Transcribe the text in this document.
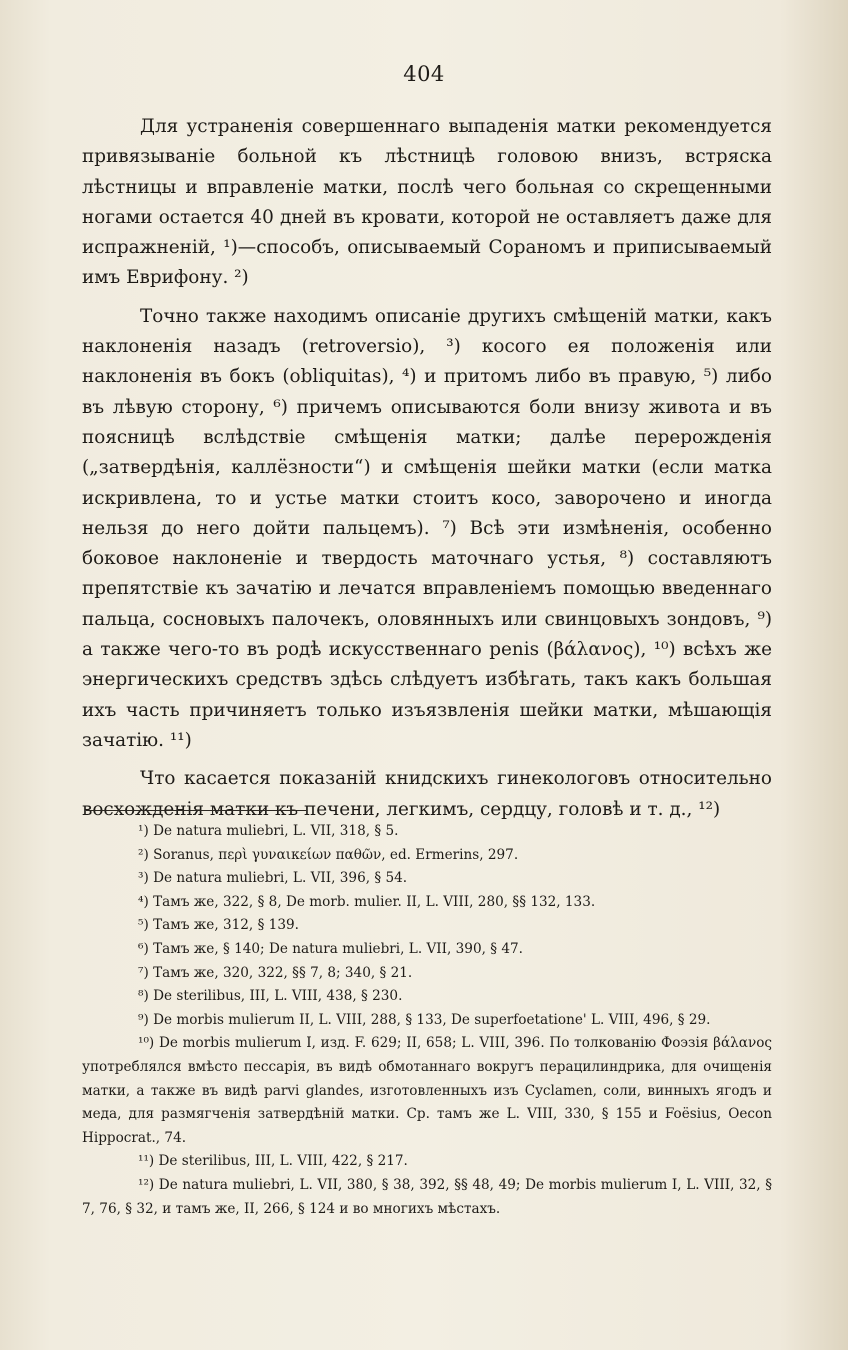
404

Для устраненія совершеннаго выпаденія матки рекомендуется привязываніе больной къ лѣстницѣ головою внизъ, встряска лѣстницы и вправленіе матки, послѣ чего больная со скрещенными ногами остается 40 дней въ кровати, которой не оставляетъ даже для испражненій, ¹)—способъ, описываемый Сораномъ и приписываемый имъ Еврифону. ²)

Точно также находимъ описаніе другихъ смѣщеній матки, какъ наклоненія назадъ (retroversio), ³) косого ея положенія или наклоненія въ бокъ (obliquitas), ⁴) и притомъ либо въ правую, ⁵) либо въ лѣвую сторону, ⁶) причемъ описываются боли внизу живота и въ поясницѣ вслѣдствіе смѣщенія матки; далѣе перерожденія („затвердѣнія, каллёзности“) и смѣщенія шейки матки (если матка искривлена, то и устье матки стоитъ косо, заворочено и иногда нельзя до него дойти пальцемъ). ⁷) Всѣ эти измѣненія, особенно боковое наклоненіе и твердость маточнаго устья, ⁸) составляютъ препятствіе къ зачатію и лечатся вправленіемъ помощью введеннаго пальца, сосновыхъ палочекъ, оловянныхъ или свинцовыхъ зондовъ, ⁹) а также чего-то въ родѣ искусственнаго penis (βάλανος), ¹⁰) всѣхъ же энергическихъ средствъ здѣсь слѣдуетъ избѣгать, такъ какъ большая ихъ часть причиняетъ только изъязвленія шейки матки, мѣшающія зачатію. ¹¹)

Что касается показаній книдскихъ гинекологовъ относительно восхожденія матки къ печени, легкимъ, сердцу, головѣ и т. д., ¹²)

¹) De natura muliebri, L. VII, 318, § 5.

²) Soranus, περὶ γυναικείων παθῶν, ed. Ermerins, 297.

³) De natura muliebri, L. VII, 396, § 54.

⁴) Тамъ же, 322, § 8, De morb. mulier. II, L. VIII, 280, §§ 132, 133.

⁵) Тамъ же, 312, § 139.

⁶) Тамъ же, § 140; De natura muliebri, L. VII, 390, § 47.

⁷) Тамъ же, 320, 322, §§ 7, 8; 340, § 21.

⁸) De sterilibus, III, L. VIII, 438, § 230.

⁹) De morbis mulierum II, L. VIII, 288, § 133, De superfoetatione' L. VIII, 496, § 29.

¹⁰) De morbis mulierum I, изд. F. 629; II, 658; L. VIII, 396. По толкованію Фоэзія βάλανος употреблялся вмѣсто пессарія, въ видѣ обмотаннаго вокругъ перацилиндрика, для очищенія матки, а также въ видѣ parvi glandes, изготовленныхъ изъ Cyclamen, соли, винныхъ ягодъ и меда, для размягченія затвердѣній матки. Ср. тамъ же L. VIII, 330, § 155 и Foësius, Oecon Hippocrat., 74.

¹¹) De sterilibus, III, L. VIII, 422, § 217.

¹²) De natura muliebri, L. VII, 380, § 38, 392, §§ 48, 49; De morbis mulierum I, L. VIII, 32, § 7, 76, § 32, и тамъ же, II, 266, § 124 и во многихъ мѣстахъ.
